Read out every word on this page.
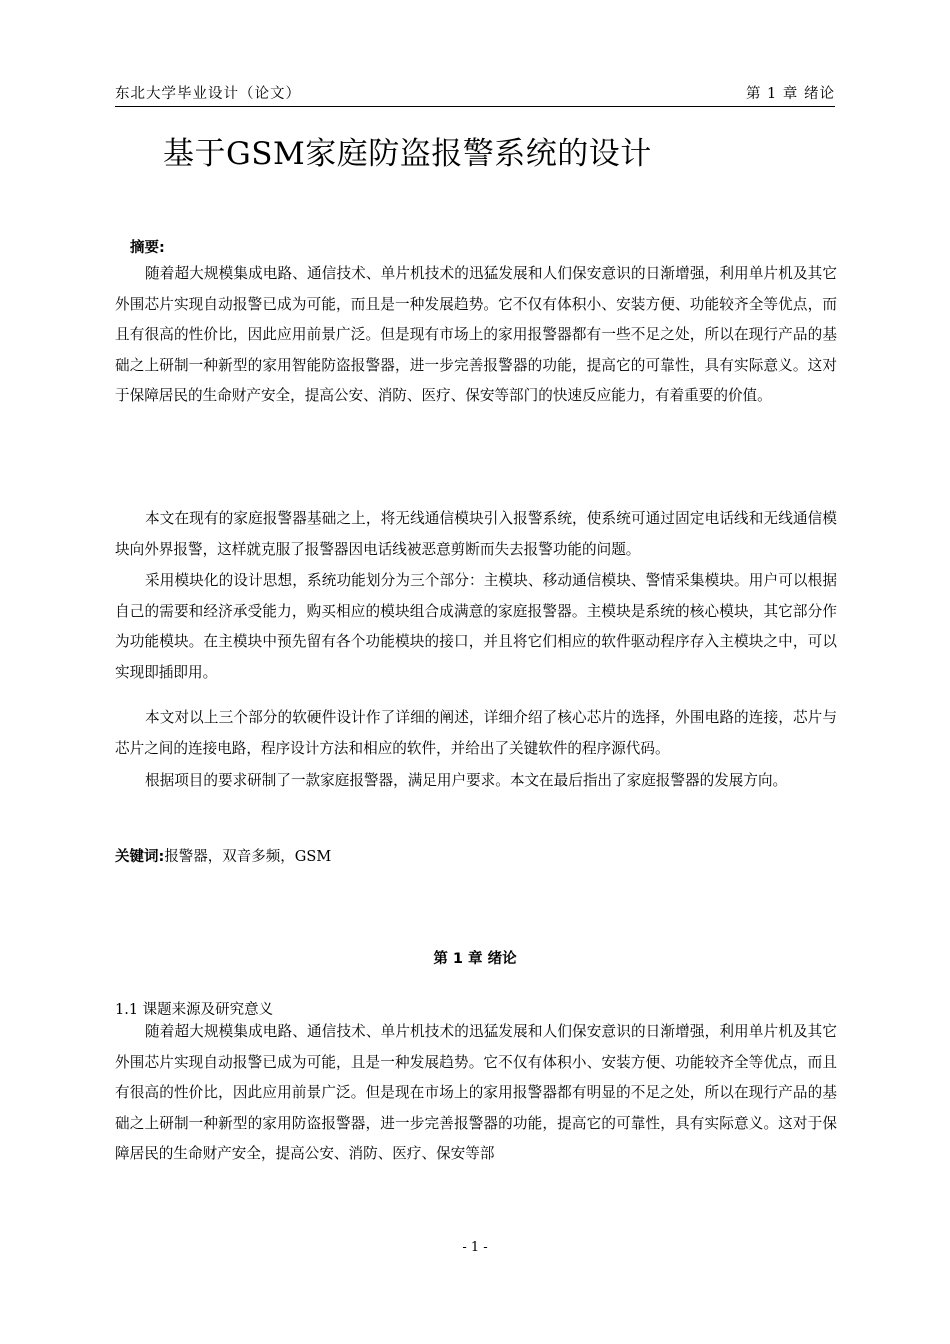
东北大学毕业设计（论文）	第 1 章 绪论
基于GSM家庭防盗报警系统的设计
摘要:

随着超大规模集成电路、通信技术、单片机技术的迅猛发展和人们保安意识的日渐增强，利用单片机及其它外围芯片实现自动报警已成为可能，而且是一种发展趋势。它不仅有体积小、安装方便、功能较齐全等优点，而且有很高的性价比，因此应用前景广泛。但是现有市场上的家用报警器都有一些不足之处，所以在现行产品的基础之上研制一种新型的家用智能防盗报警器，进一步完善报警器的功能，提高它的可靠性，具有实际意义。这对于保障居民的生命财产安全，提高公安、消防、医疗、保安等部门的快速反应能力，有着重要的价值。

本文在现有的家庭报警器基础之上，将无线通信模块引入报警系统，使系统可通过固定电话线和无线通信模块向外界报警，这样就克服了报警器因电话线被恶意剪断而失去报警功能的问题。

采用模块化的设计思想，系统功能划分为三个部分：主模块、移动通信模块、警情采集模块。用户可以根据自己的需要和经济承受能力，购买相应的模块组合成满意的家庭报警器。主模块是系统的核心模块，其它部分作为功能模块。在主模块中预先留有各个功能模块的接口，并且将它们相应的软件驱动程序存入主模块之中，可以实现即插即用。

本文对以上三个部分的软硬件设计作了详细的阐述，详细介绍了核心芯片的选择，外围电路的连接，芯片与芯片之间的连接电路，程序设计方法和相应的软件，并给出了关键软件的程序源代码。

根据项目的要求研制了一款家庭报警器，满足用户要求。本文在最后指出了家庭报警器的发展方向。

关键词:报警器，双音多频，GSM
第 1 章 绪论
1.1 课题来源及研究意义

随着超大规模集成电路、通信技术、单片机技术的迅猛发展和人们保安意识的日渐增强，利用单片机及其它外围芯片实现自动报警已成为可能，且是一种发展趋势。它不仅有体积小、安装方便、功能较齐全等优点，而且有很高的性价比，因此应用前景广泛。但是现在市场上的家用报警器都有明显的不足之处，所以在现行产品的基础之上研制一种新型的家用防盗报警器，进一步完善报警器的功能，提高它的可靠性，具有实际意义。这对于保障居民的生命财产安全，提高公安、消防、医疗、保安等部

- 1 -
